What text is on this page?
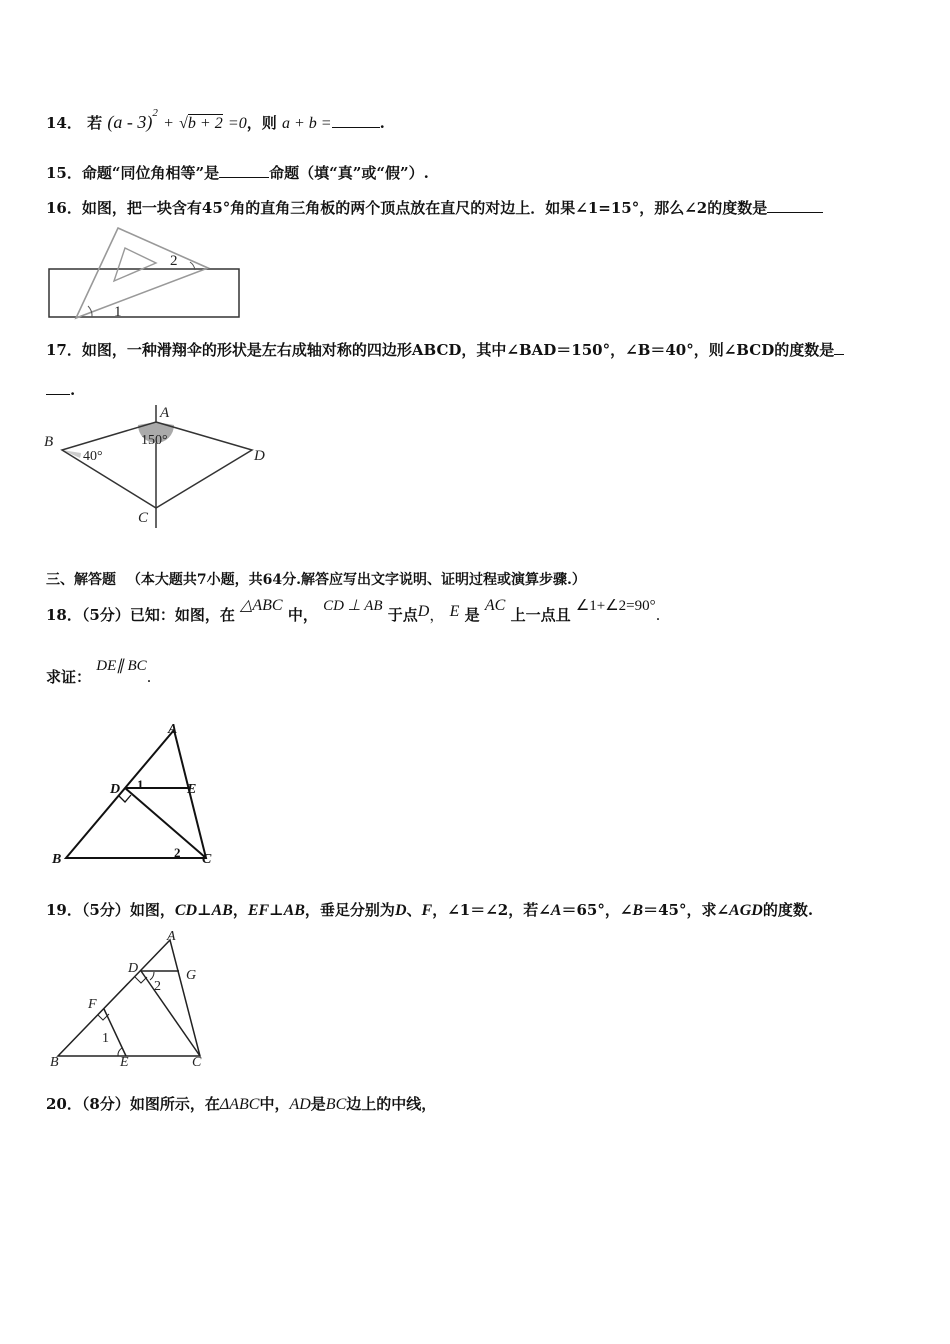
14． 若 (a - 3)$^2$ + √b + 2 =0，则 a + b =	.
15．命题“同位角相等”是	命题（填“真”或“假”）.
16．如图，把一块含有45°角的直角三角板的两个顶点放在直尺的对边上．如果∠1=15°，那么∠2的度数是
2
1
17．如图，一种滑翔伞的形状是左右成轴对称的四边形ABCD，其中∠BAD＝150°，∠B＝40°，则∠BCD的度数是
.
A
B
C
D
150°
40°
三、解答题 （本大题共7小题，共64分.解答应写出文字说明、证明过程或演算步骤.）
18．（5分）已知：如图，在 △ABC 中， CD ⊥ AB 于点D， E 是 AC 上一点且 ∠1+∠2=90°.
求证： DE∥ BC.
A
B	C
D	E
1
2
19．（5分）如图，CD⊥AB，EF⊥AB，垂足分别为D、F，∠1＝∠2，若∠A＝65°，∠B＝45°，求∠AGD的度数.
A
B	C
D
E
F
G
1
2
20．（8分）如图所示，在ΔABC中，AD是BC边上的中线，
